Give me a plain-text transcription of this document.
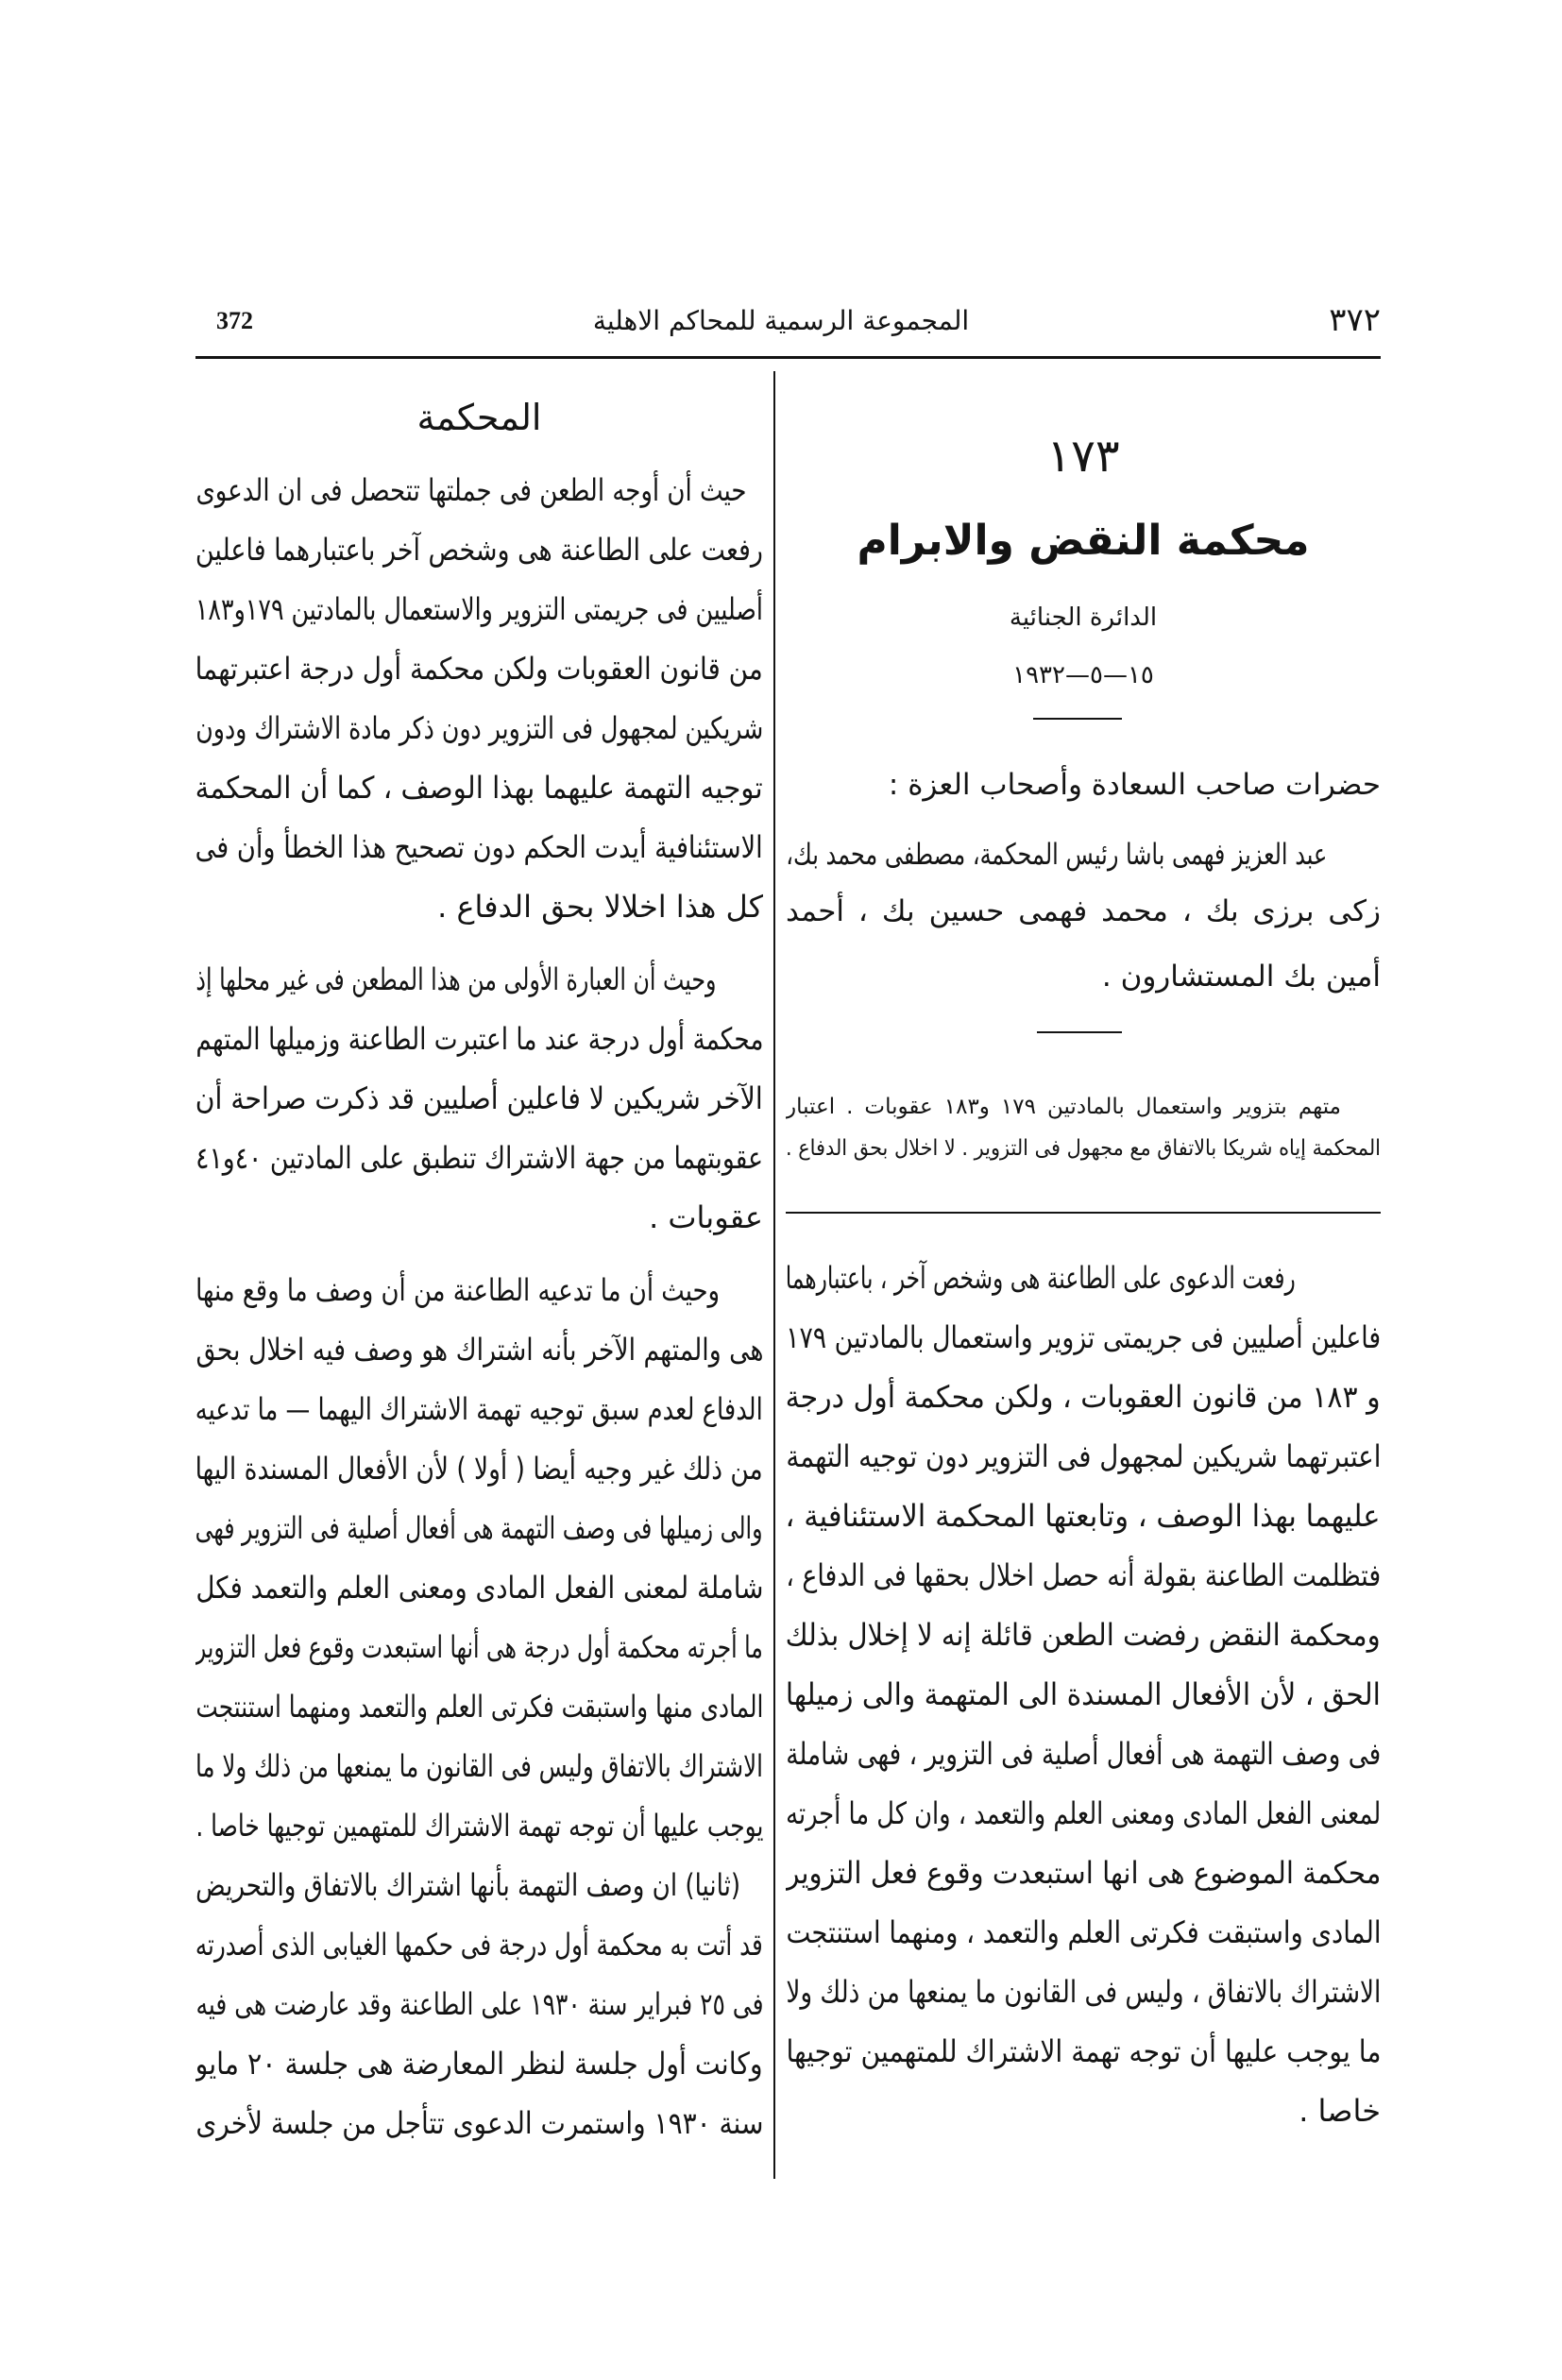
372	المجموعة الرسمية للمحاكم الاهلية	٣٧٢
١٧٣
محكمة النقض والابرام
الدائرة الجنائية
١٥—٥—١٩٣٢
حضرات صاحب السعادة وأصحاب العزة :
عبد العزيز فهمى باشا رئيس المحكمة، مصطفى محمد بك،
زكى برزى بك ، محمد فهمى حسين بك ، أحمد
أمين بك المستشارون .
متهم بتزوير واستعمال بالمادتين ١٧٩ و١٨٣ عقوبات . اعتبار
المحكمة إياه شريكا بالاتفاق مع مجهول فى التزوير . لا اخلال بحق الدفاع .
رفعت الدعوى على الطاعنة هى وشخص آخر ، باعتبارهما
فاعلين أصليين فى جريمتى تزوير واستعمال بالمادتين ١٧٩
و ١٨٣ من قانون العقوبات ، ولكن محكمة أول درجة
اعتبرتهما شريكين لمجهول فى التزوير دون توجيه التهمة
عليهما بهذا الوصف ، وتابعتها المحكمة الاستئنافية ،
فتظلمت الطاعنة بقولة أنه حصل اخلال بحقها فى الدفاع ،
ومحكمة النقض رفضت الطعن قائلة إنه لا إخلال بذلك
الحق ، لأن الأفعال المسندة الى المتهمة والى زميلها
فى وصف التهمة هى أفعال أصلية فى التزوير ، فهى شاملة
لمعنى الفعل المادى ومعنى العلم والتعمد ، وان كل ما أجرته
محكمة الموضوع هى انها استبعدت وقوع فعل التزوير
المادى واستبقت فكرتى العلم والتعمد ، ومنهما استنتجت
الاشتراك بالاتفاق ، وليس فى القانون ما يمنعها من ذلك ولا
ما يوجب عليها أن توجه تهمة الاشتراك للمتهمين توجيها
خاصا .
المحكمة
حيث أن أوجه الطعن فى جملتها تتحصل فى ان الدعوى
رفعت على الطاعنة هى وشخص آخر باعتبارهما فاعلين
أصليين فى جريمتى التزوير والاستعمال بالمادتين ١٧٩و١٨٣
من قانون العقوبات ولكن محكمة أول درجة اعتبرتهما
شريكين لمجهول فى التزوير دون ذكر مادة الاشتراك ودون
توجيه التهمة عليهما بهذا الوصف ، كما أن المحكمة
الاستئنافية أيدت الحكم دون تصحيح هذا الخطأ وأن فى
كل هذا اخلالا بحق الدفاع .
وحيث أن العبارة الأولى من هذا المطعن فى غير محلها إذ
محكمة أول درجة عند ما اعتبرت الطاعنة وزميلها المتهم
الآخر شريكين لا فاعلين أصليين قد ذكرت صراحة أن
عقوبتهما من جهة الاشتراك تنطبق على المادتين ٤٠و٤١
عقوبات .
وحيث أن ما تدعيه الطاعنة من أن وصف ما وقع منها
هى والمتهم الآخر بأنه اشتراك هو وصف فيه اخلال بحق
الدفاع لعدم سبق توجيه تهمة الاشتراك اليهما — ما تدعيه
من ذلك غير وجيه أيضا ( أولا ) لأن الأفعال المسندة اليها
والى زميلها فى وصف التهمة هى أفعال أصلية فى التزوير فهى
شاملة لمعنى الفعل المادى ومعنى العلم والتعمد فكل
ما أجرته محكمة أول درجة هى أنها استبعدت وقوع فعل التزوير
المادى منها واستبقت فكرتى العلم والتعمد ومنهما استنتجت
الاشتراك بالاتفاق وليس فى القانون ما يمنعها من ذلك ولا ما
يوجب عليها أن توجه تهمة الاشتراك للمتهمين توجيها خاصا .
(ثانيا) ان وصف التهمة بأنها اشتراك بالاتفاق والتحريض
قد أتت به محكمة أول درجة فى حكمها الغيابى الذى أصدرته
فى ٢٥ فبراير سنة ١٩٣٠ على الطاعنة وقد عارضت هى فيه
وكانت أول جلسة لنظر المعارضة هى جلسة ٢٠ مايو
سنة ١٩٣٠ واستمرت الدعوى تتأجل من جلسة لأخرى
